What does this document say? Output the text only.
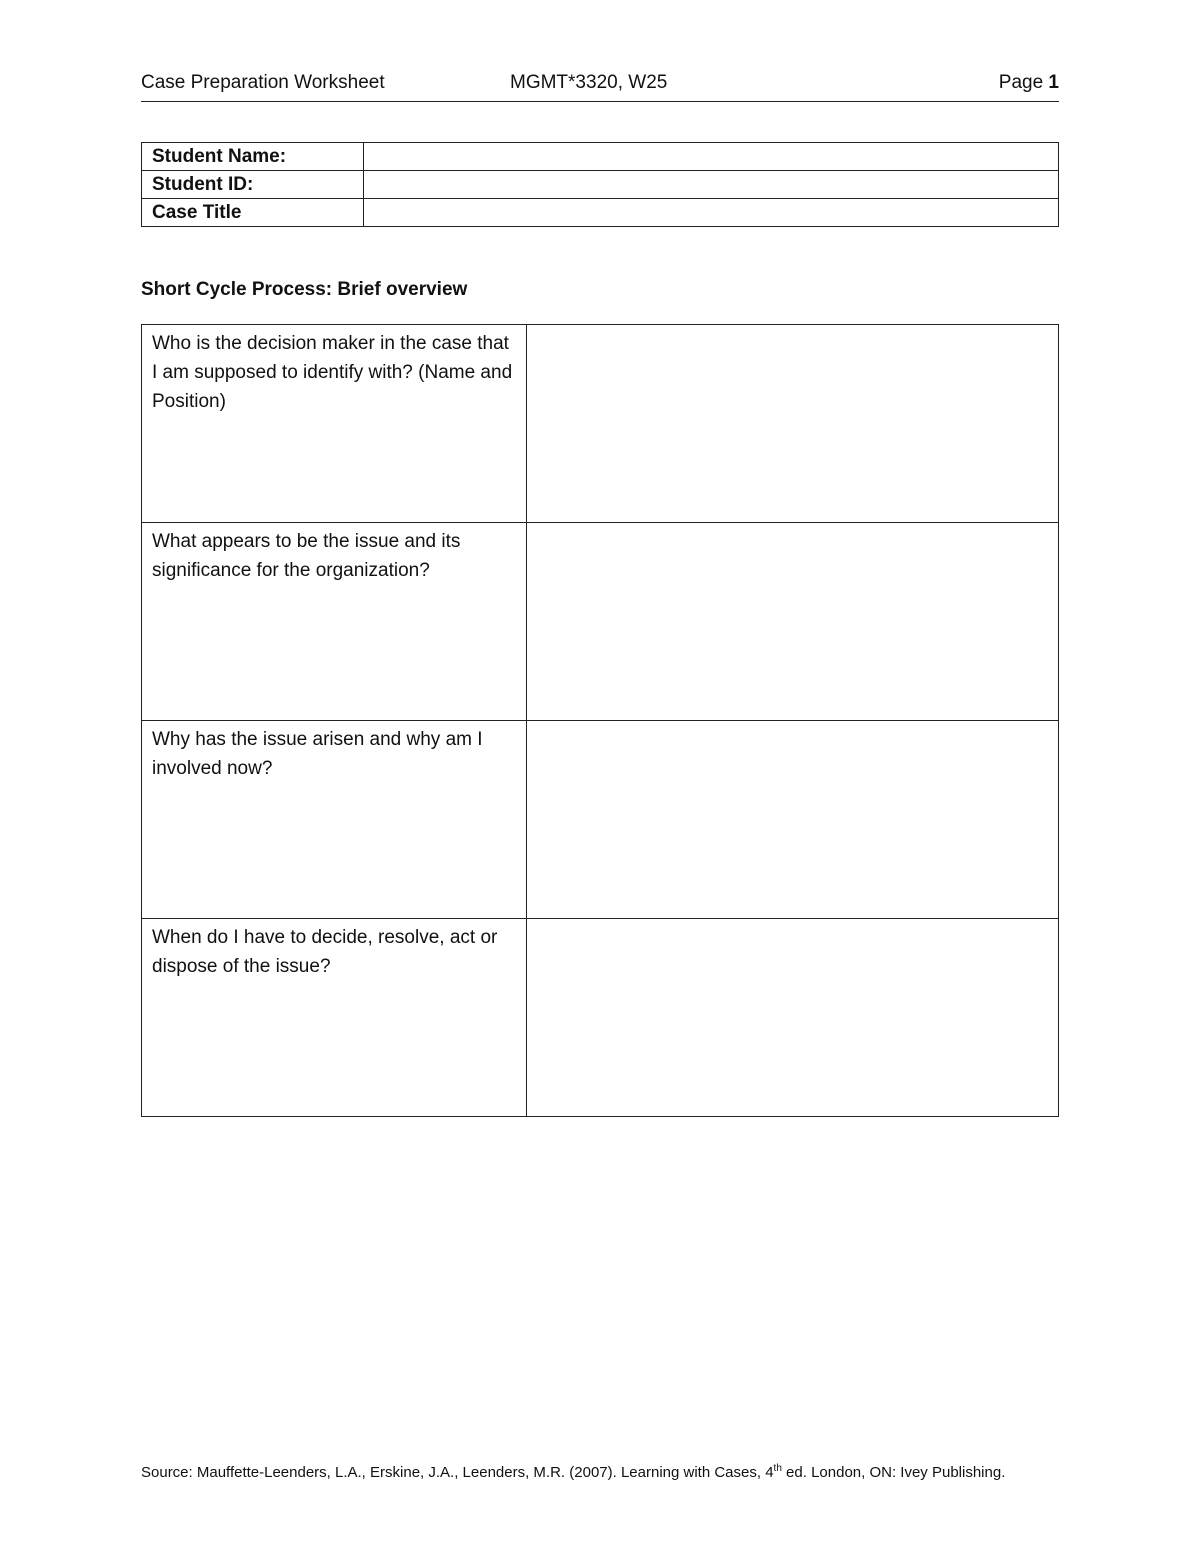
Case Preparation Worksheet	MGMT*3320, W25	Page 1
Student Name:	
Student ID:	
Case Title	
Short Cycle Process: Brief overview
Who is the decision maker in the case that I am supposed to identify with? (Name and Position)	
What appears to be the issue and its significance for the organization?	
Why has the issue arisen and why am I involved now?	
When do I have to decide, resolve, act or dispose of the issue?	
Source: Mauffette-Leenders, L.A., Erskine, J.A., Leenders, M.R. (2007). Learning with Cases, 4th ed. London, ON: Ivey Publishing.
